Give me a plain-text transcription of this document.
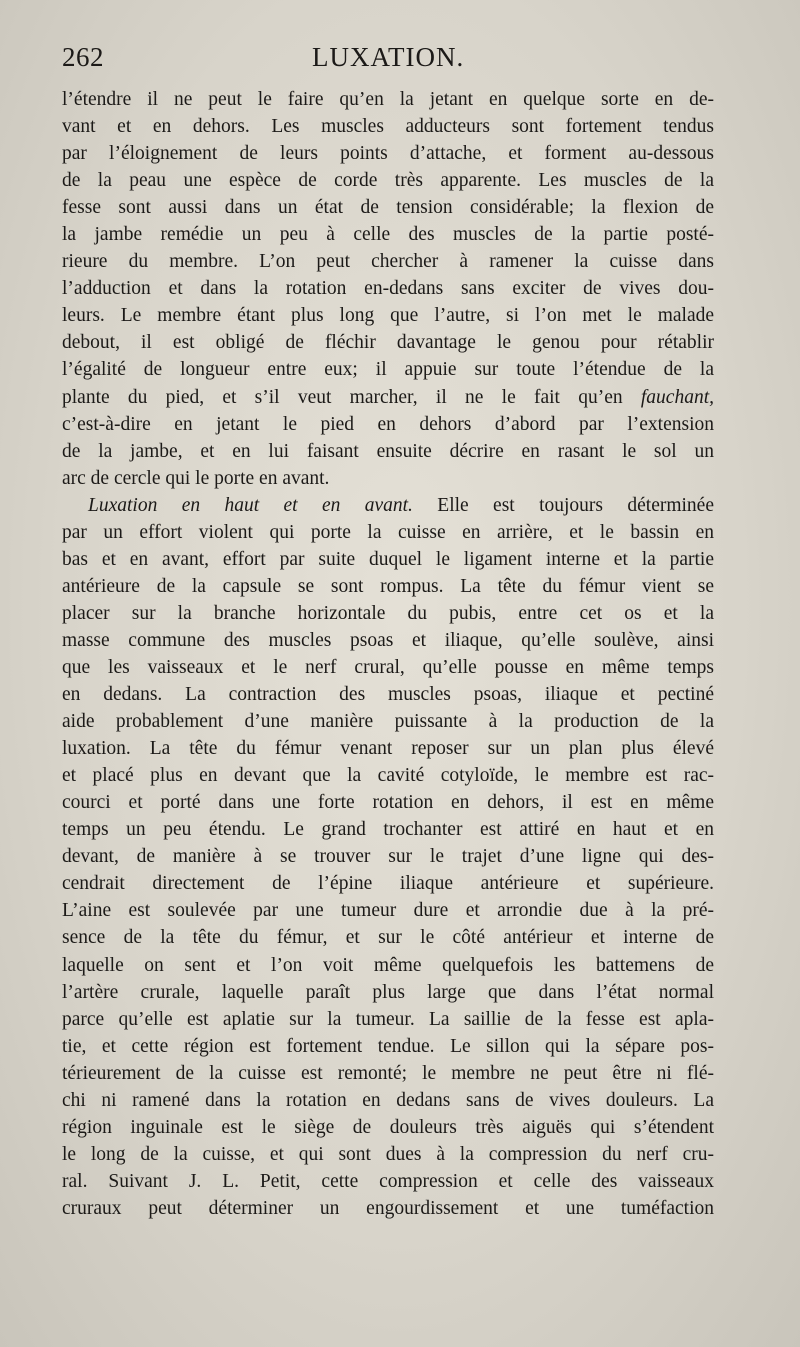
262	LUXATION.
l’étendre il ne peut le faire qu’en la jetant en quelque sorte en de-
vant et en dehors. Les muscles adducteurs sont fortement tendus
par l’éloignement de leurs points d’attache, et forment au-dessous
de la peau une espèce de corde très apparente. Les muscles de la
fesse sont aussi dans un état de tension considérable; la flexion de
la jambe remédie un peu à celle des muscles de la partie posté-
rieure du membre. L’on peut chercher à ramener la cuisse dans
l’adduction et dans la rotation en-dedans sans exciter de vives dou-
leurs. Le membre étant plus long que l’autre, si l’on met le malade
debout, il est obligé de fléchir davantage le genou pour rétablir
l’égalité de longueur entre eux; il appuie sur toute l’étendue de la
plante du pied, et s’il veut marcher, il ne le fait qu’en fauchant,
c’est-à-dire en jetant le pied en dehors d’abord par l’extension
de la jambe, et en lui faisant ensuite décrire en rasant le sol un
arc de cercle qui le porte en avant.
Luxation en haut et en avant. Elle est toujours déterminée
par un effort violent qui porte la cuisse en arrière, et le bassin en
bas et en avant, effort par suite duquel le ligament interne et la partie
antérieure de la capsule se sont rompus. La tête du fémur vient se
placer sur la branche horizontale du pubis, entre cet os et la
masse commune des muscles psoas et iliaque, qu’elle soulève, ainsi
que les vaisseaux et le nerf crural, qu’elle pousse en même temps
en dedans. La contraction des muscles psoas, iliaque et pectiné
aide probablement d’une manière puissante à la production de la
luxation. La tête du fémur venant reposer sur un plan plus élevé
et placé plus en devant que la cavité cotyloïde, le membre est rac-
courci et porté dans une forte rotation en dehors, il est en même
temps un peu étendu. Le grand trochanter est attiré en haut et en
devant, de manière à se trouver sur le trajet d’une ligne qui des-
cendrait directement de l’épine iliaque antérieure et supérieure.
L’aine est soulevée par une tumeur dure et arrondie due à la pré-
sence de la tête du fémur, et sur le côté antérieur et interne de
laquelle on sent et l’on voit même quelquefois les battemens de
l’artère crurale, laquelle paraît plus large que dans l’état normal
parce qu’elle est aplatie sur la tumeur. La saillie de la fesse est apla-
tie, et cette région est fortement tendue. Le sillon qui la sépare pos-
térieurement de la cuisse est remonté; le membre ne peut être ni flé-
chi ni ramené dans la rotation en dedans sans de vives douleurs. La
région inguinale est le siège de douleurs très aiguës qui s’étendent
le long de la cuisse, et qui sont dues à la compression du nerf cru-
ral. Suivant J. L. Petit, cette compression et celle des vaisseaux
cruraux peut déterminer un engourdissement et une tuméfaction
